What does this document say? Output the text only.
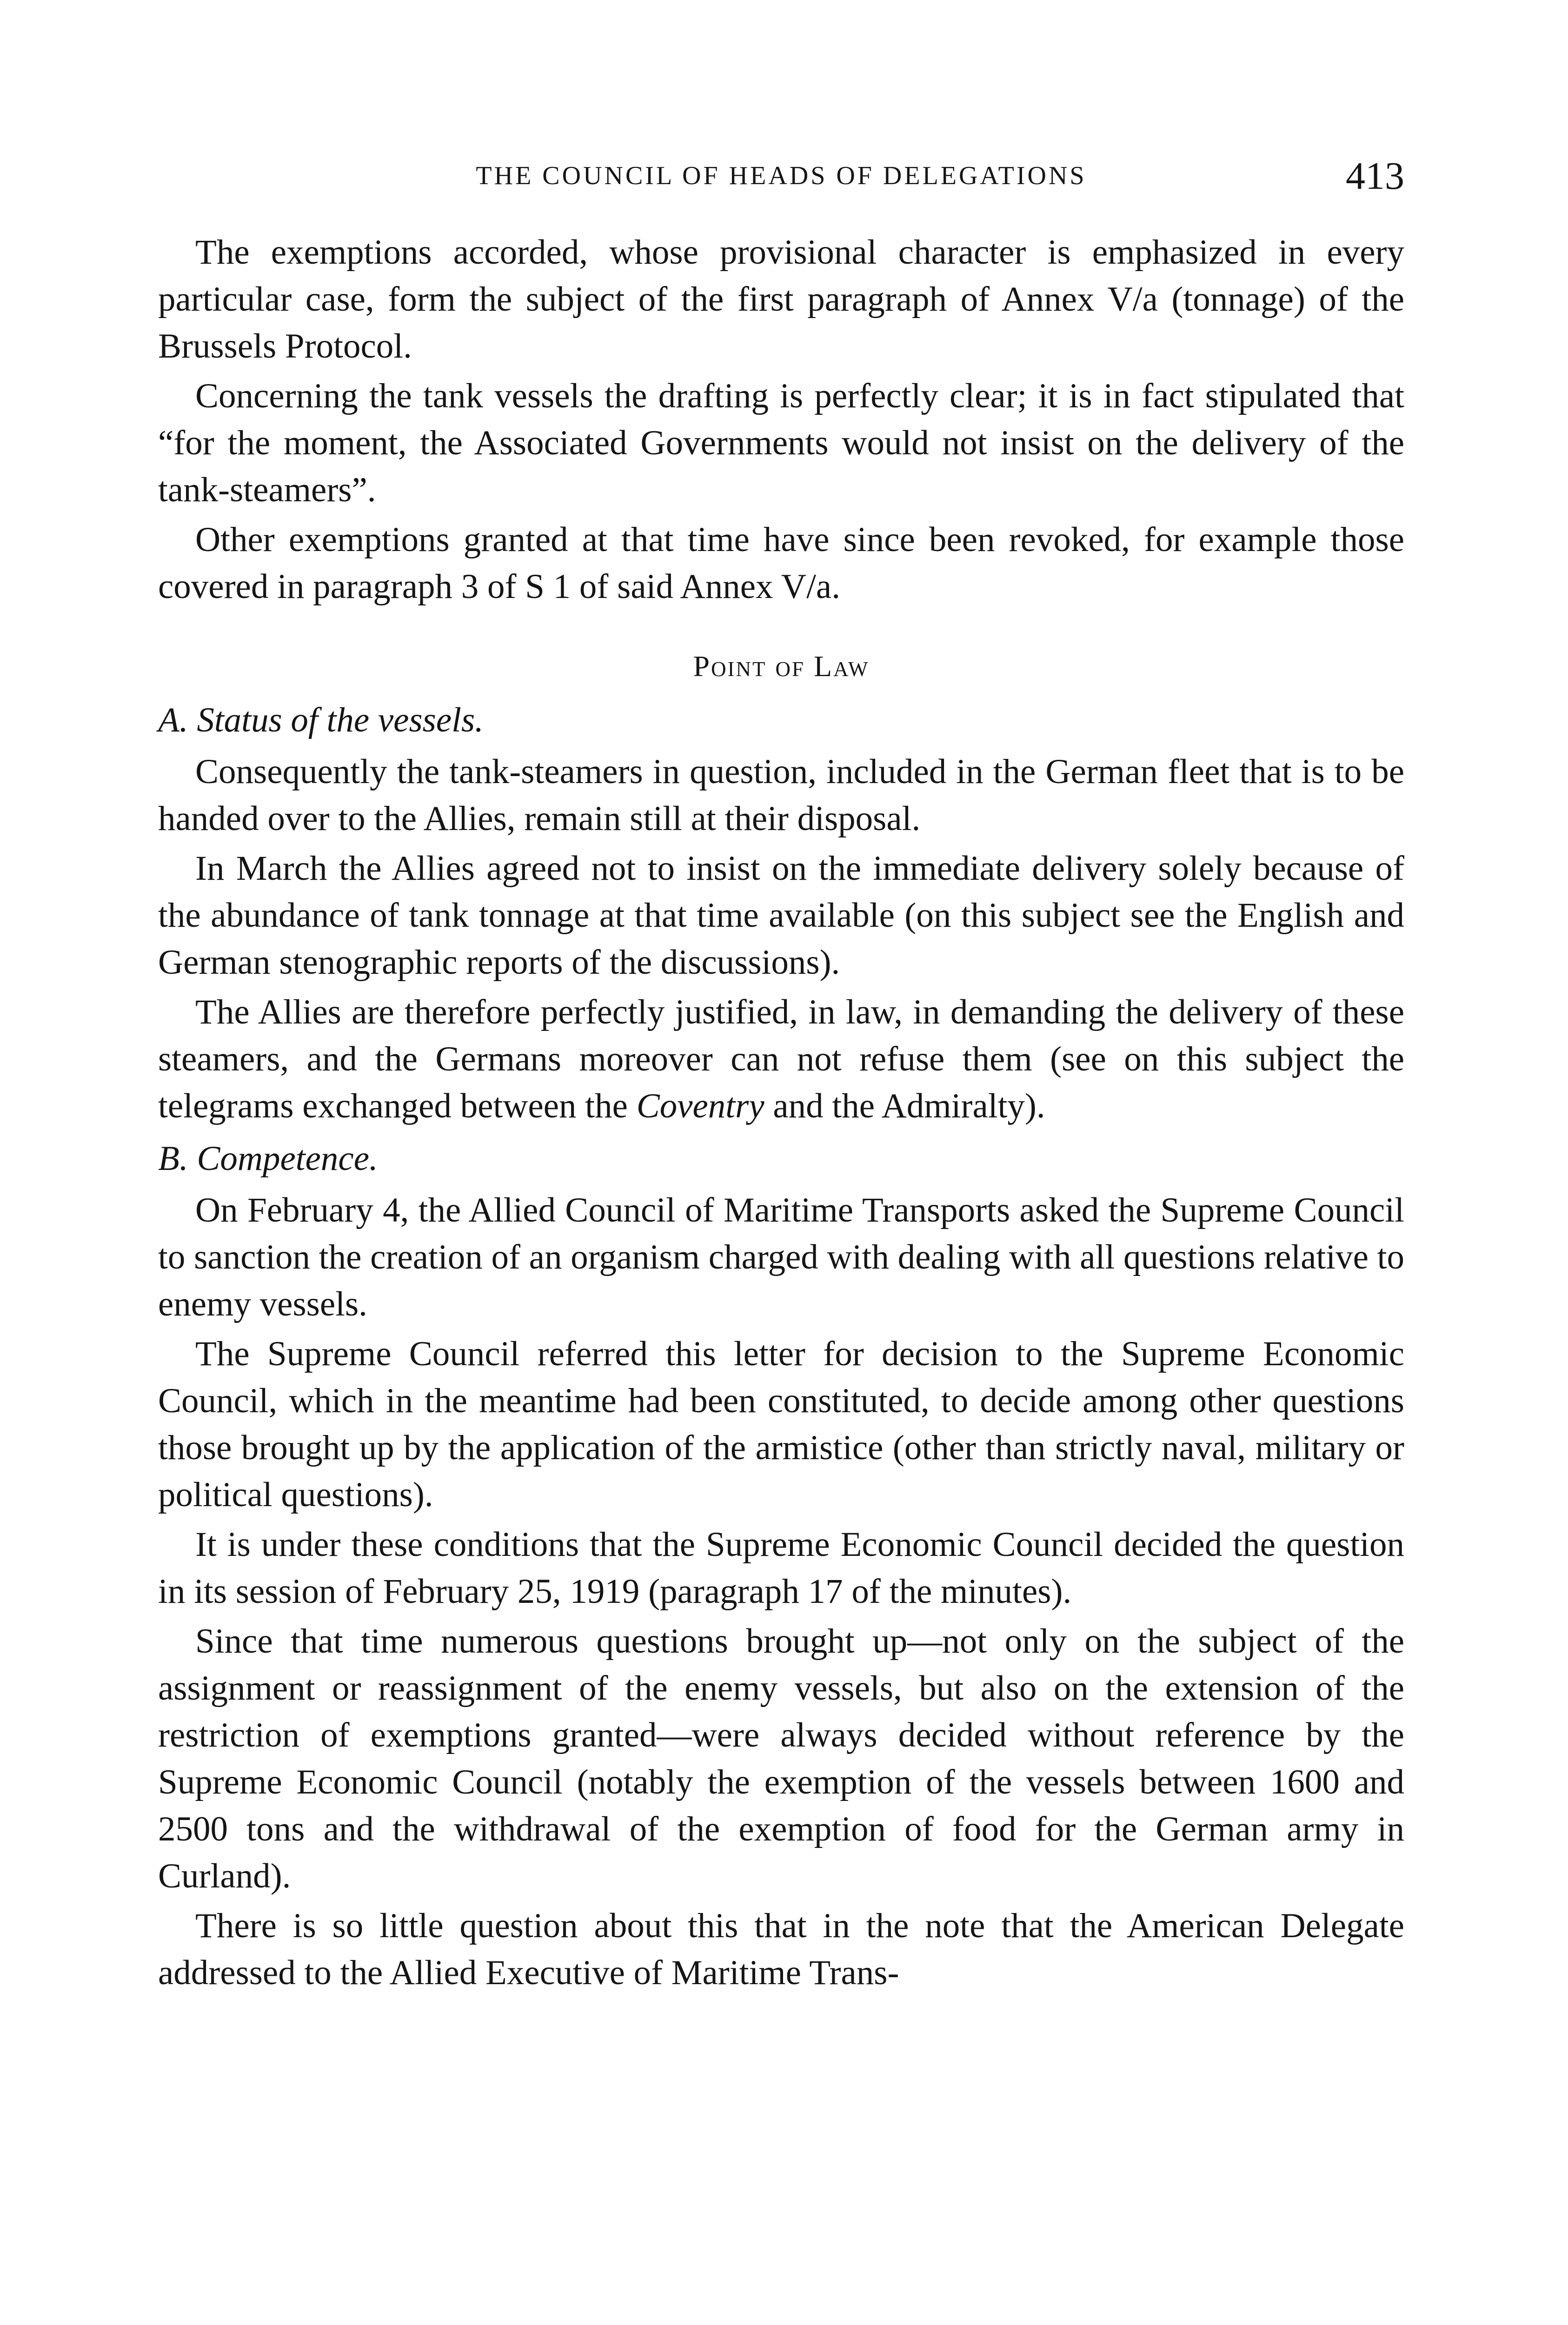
THE COUNCIL OF HEADS OF DELEGATIONS	413

The exemptions accorded, whose provisional character is emphasized in every particular case, form the subject of the first paragraph of Annex V/a (tonnage) of the Brussels Protocol.

Concerning the tank vessels the drafting is perfectly clear; it is in fact stipulated that “for the moment, the Associated Governments would not insist on the delivery of the tank-steamers”.

Other exemptions granted at that time have since been revoked, for example those covered in paragraph 3 of S 1 of said Annex V/a.

Point of Law
A. Status of the vessels.

Consequently the tank-steamers in question, included in the German fleet that is to be handed over to the Allies, remain still at their disposal.

In March the Allies agreed not to insist on the immediate delivery solely because of the abundance of tank tonnage at that time available (on this subject see the English and German stenographic reports of the discussions).

The Allies are therefore perfectly justified, in law, in demanding the delivery of these steamers, and the Germans moreover can not refuse them (see on this subject the telegrams exchanged between the Coventry and the Admiralty).

B. Competence.

On February 4, the Allied Council of Maritime Transports asked the Supreme Council to sanction the creation of an organism charged with dealing with all questions relative to enemy vessels.

The Supreme Council referred this letter for decision to the Supreme Economic Council, which in the meantime had been constituted, to decide among other questions those brought up by the application of the armistice (other than strictly naval, military or political questions).

It is under these conditions that the Supreme Economic Council decided the question in its session of February 25, 1919 (paragraph 17 of the minutes).

Since that time numerous questions brought up—not only on the subject of the assignment or reassignment of the enemy vessels, but also on the extension of the restriction of exemptions granted—were always decided without reference by the Supreme Economic Council (notably the exemption of the vessels between 1600 and 2500 tons and the withdrawal of the exemption of food for the German army in Curland).

There is so little question about this that in the note that the American Delegate addressed to the Allied Executive of Maritime Trans-
